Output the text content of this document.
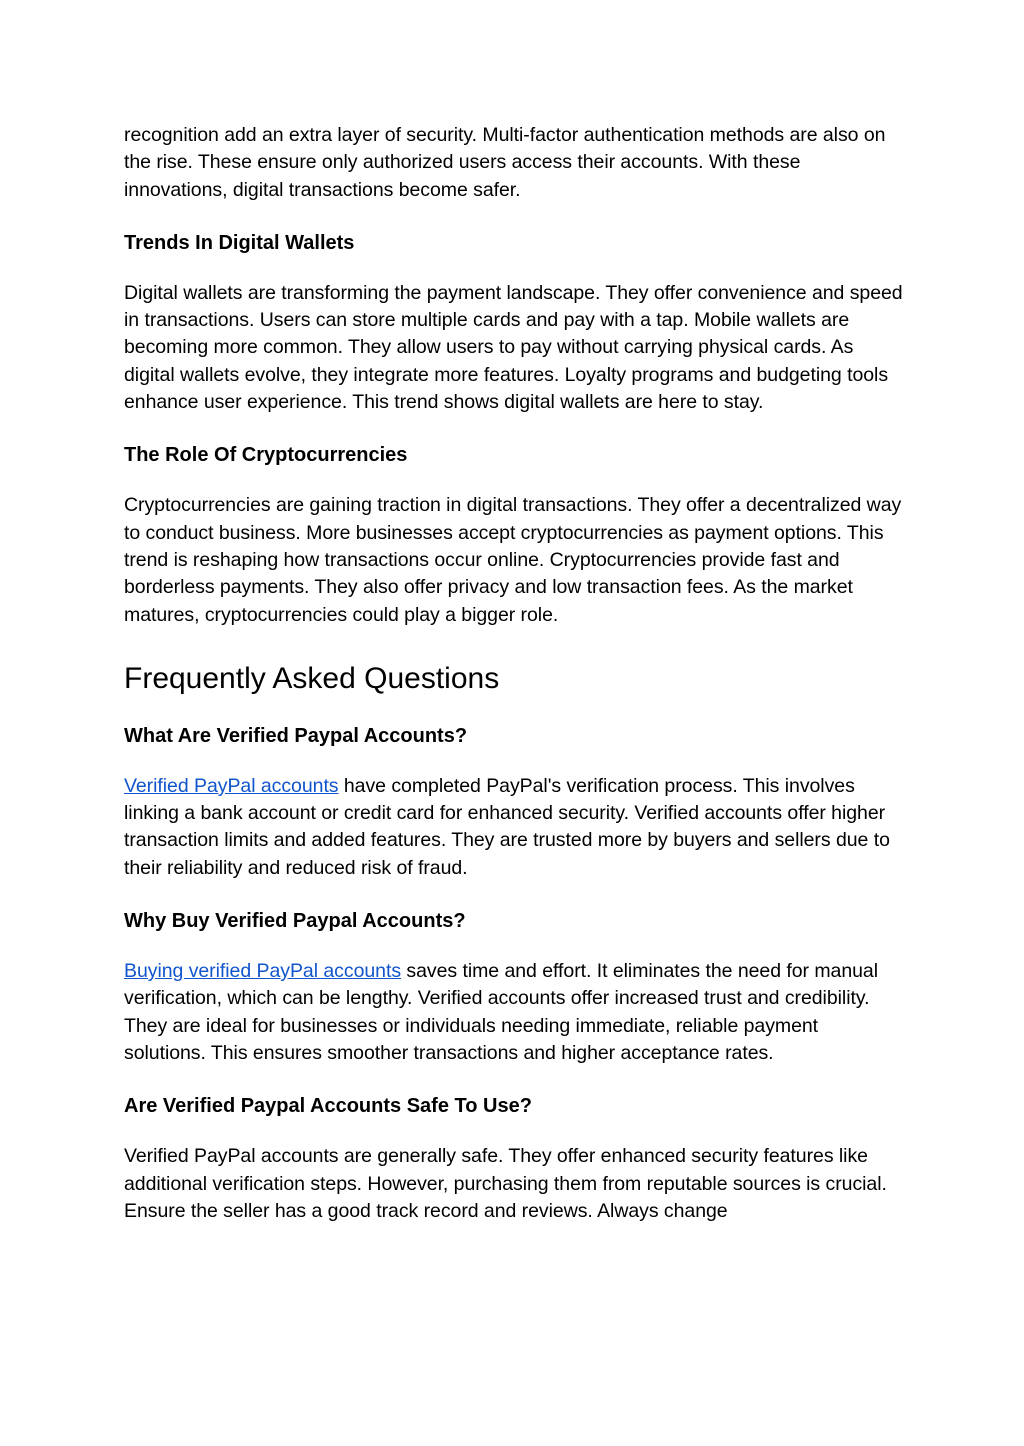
recognition add an extra layer of security. Multi-factor authentication methods are also on the rise. These ensure only authorized users access their accounts. With these innovations, digital transactions become safer.

Trends In Digital Wallets

Digital wallets are transforming the payment landscape. They offer convenience and speed in transactions. Users can store multiple cards and pay with a tap. Mobile wallets are becoming more common. They allow users to pay without carrying physical cards. As digital wallets evolve, they integrate more features. Loyalty programs and budgeting tools enhance user experience. This trend shows digital wallets are here to stay.

The Role Of Cryptocurrencies

Cryptocurrencies are gaining traction in digital transactions. They offer a decentralized way to conduct business. More businesses accept cryptocurrencies as payment options. This trend is reshaping how transactions occur online. Cryptocurrencies provide fast and borderless payments. They also offer privacy and low transaction fees. As the market matures, cryptocurrencies could play a bigger role.

Frequently Asked Questions
What Are Verified Paypal Accounts?

Verified PayPal accounts have completed PayPal's verification process. This involves linking a bank account or credit card for enhanced security. Verified accounts offer higher transaction limits and added features. They are trusted more by buyers and sellers due to their reliability and reduced risk of fraud.

Why Buy Verified Paypal Accounts?

Buying verified PayPal accounts saves time and effort. It eliminates the need for manual verification, which can be lengthy. Verified accounts offer increased trust and credibility. They are ideal for businesses or individuals needing immediate, reliable payment solutions. This ensures smoother transactions and higher acceptance rates.

Are Verified Paypal Accounts Safe To Use?

Verified PayPal accounts are generally safe. They offer enhanced security features like additional verification steps. However, purchasing them from reputable sources is crucial. Ensure the seller has a good track record and reviews. Always change
